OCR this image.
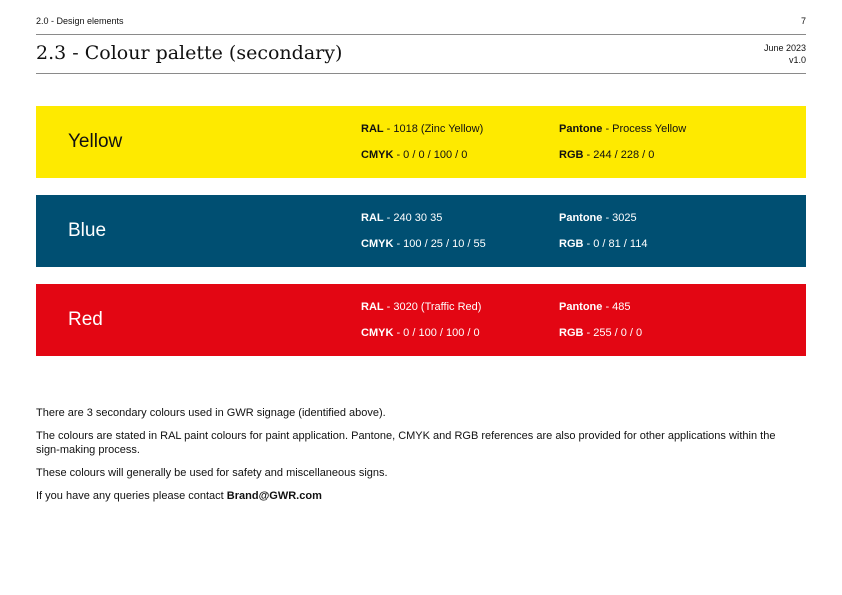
2.0 - Design elements	7
2.3 - Colour palette (secondary)	June 2023
v1.0
Yellow
RAL - 1018 (Zinc Yellow)	Pantone - Process Yellow
CMYK - 0 / 0 / 100 / 0	RGB - 244 / 228 / 0
Blue
RAL - 240 30 35	Pantone - 3025
CMYK - 100 / 25 / 10 / 55	RGB - 0 / 81 / 114
Red
RAL - 3020 (Traffic Red)	Pantone - 485
CMYK - 0 / 100 / 100 / 0	RGB - 255 / 0 / 0

There are 3 secondary colours used in GWR signage (identified above).

The colours are stated in RAL paint colours for paint application. Pantone, CMYK and RGB references are also provided for other applications within the sign-making process.

These colours will generally be used for safety and miscellaneous signs.

If you have any queries please contact Brand@GWR.com
